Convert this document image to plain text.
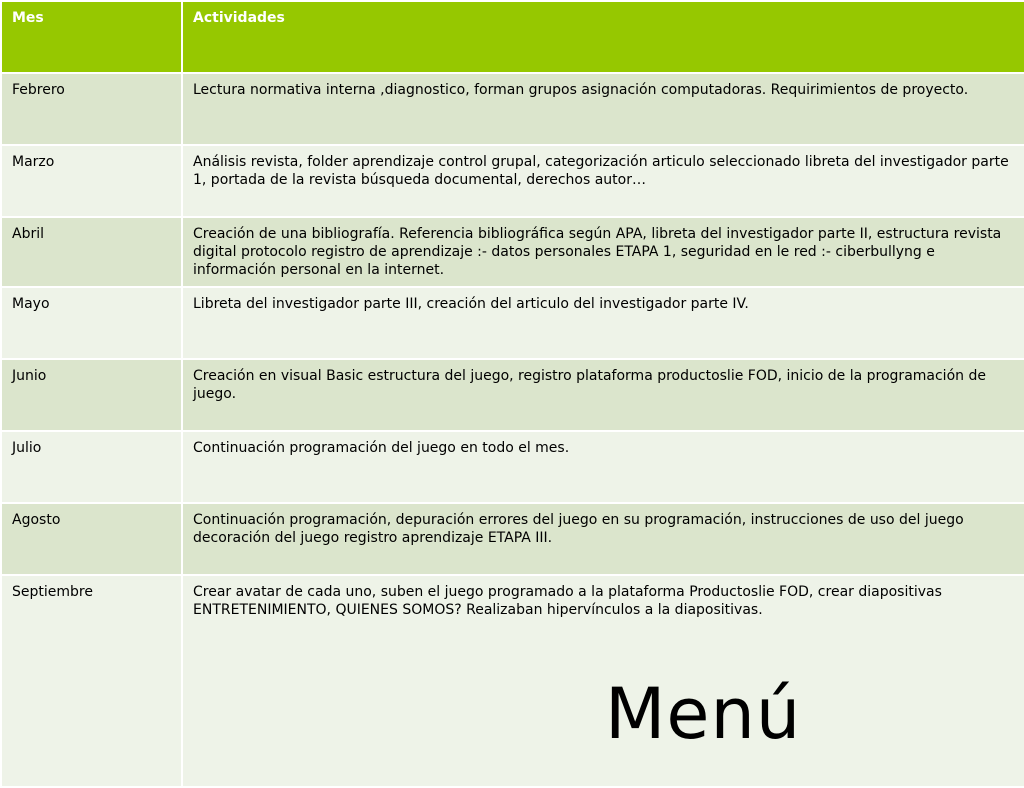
Mes	Actividades
Febrero	Lectura normativa interna ,diagnostico, forman grupos asignación computadoras. Requirimientos de proyecto.
Marzo	Análisis revista, folder aprendizaje control grupal, categorización articulo seleccionado libreta del investigador parte 1, portada de la revista búsqueda documental, derechos autor…
Abril	Creación de una bibliografía. Referencia bibliográfica según APA, libreta del investigador parte II, estructura revista digital protocolo registro de aprendizaje :- datos personales ETAPA 1, seguridad en le red :- ciberbullyng e información personal en la internet.
Mayo	Libreta del investigador parte III, creación del articulo del investigador parte IV.
Junio	Creación en visual Basic estructura del juego, registro plataforma productoslie FOD, inicio de la programación de juego.
Julio	Continuación programación del juego en todo el mes.
Agosto	Continuación programación, depuración errores del juego en su programación, instrucciones de uso del juego decoración del juego registro aprendizaje ETAPA III.
Septiembre	Crear avatar de cada uno, suben el juego programado a la plataforma Productoslie FOD, crear diapositivas ENTRETENIMIENTO, QUIENES SOMOS? Realizaban hipervínculos a la diapositivas.
Menú
